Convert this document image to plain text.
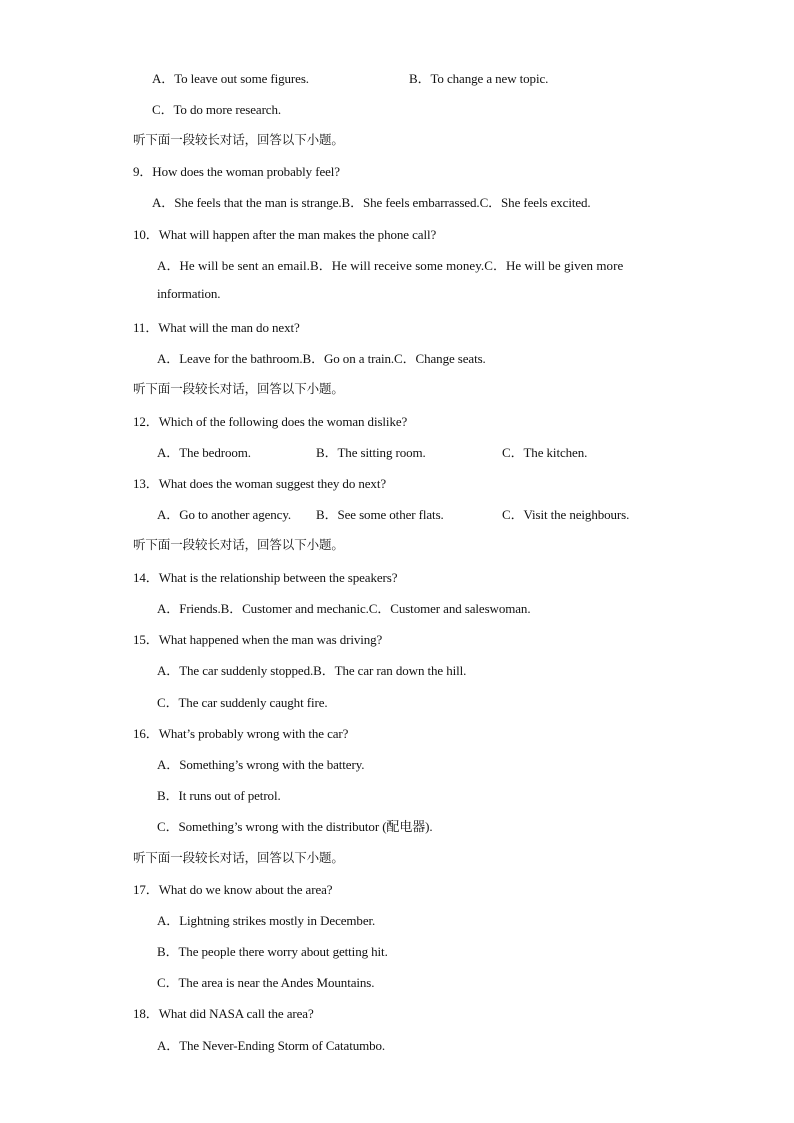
A．To leave out some figures.	B．To change a new topic.
C．To do more research.
听下面一段较长对话，回答以下小题。
9．How does the woman probably feel?
A．She feels that the man is strange.B．She feels embarrassed.C．She feels excited.
10．What will happen after the man makes the phone call?
A．He will be sent an email.B．He will receive some money.C．He will be given more
information.
11．What will the man do next?
A．Leave for the bathroom.B．Go on a train.C．Change seats.
听下面一段较长对话，回答以下小题。
12．Which of the following does the woman dislike?
A．The bedroom.	B．The sitting room.	C．The kitchen.
13．What does the woman suggest they do next?
A．Go to another agency. B．See some other flats.	C．Visit the neighbours.
听下面一段较长对话，回答以下小题。
14．What is the relationship between the speakers?
A．Friends.B．Customer and mechanic.C．Customer and saleswoman.
15．What happened when the man was driving?
A．The car suddenly stopped.B．The car ran down the hill.
C．The car suddenly caught fire.
16．What’s probably wrong with the car?
A．Something’s wrong with the battery.
B．It runs out of petrol.
C．Something’s wrong with the distributor (配电器).
听下面一段较长对话，回答以下小题。
17．What do we know about the area?
A．Lightning strikes mostly in December.
B．The people there worry about getting hit.
C．The area is near the Andes Mountains.
18．What did NASA call the area?
A．The Never-Ending Storm of Catatumbo.
